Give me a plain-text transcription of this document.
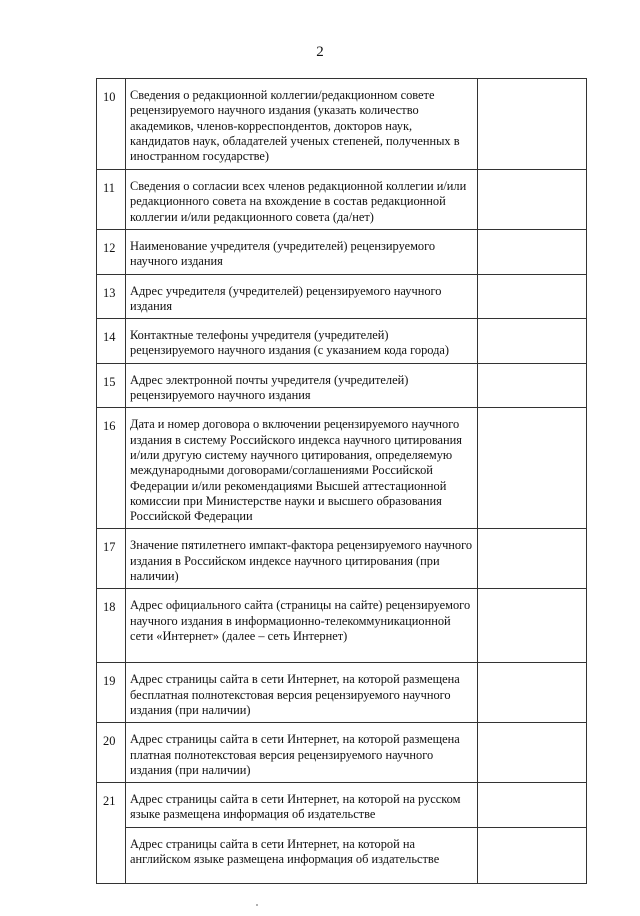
2
10	Сведения о редакционной коллегии/редакционном совете рецензируемого научного издания (указать количество академиков, членов-корреспондентов, докторов наук, кандидатов наук, обладателей ученых степеней, полученных в иностранном государстве)	
11	Сведения о согласии всех членов редакционной коллегии и/или редакционного совета на вхождение в состав редакционной коллегии и/или редакционного совета (да/нет)	
12	Наименование учредителя (учредителей) рецензируемого научного издания	
13	Адрес учредителя (учредителей) рецензируемого научного издания	
14	Контактные телефоны учредителя (учредителей) рецензируемого научного издания (с указанием кода города)	
15	Адрес электронной почты учредителя (учредителей) рецензируемого научного издания	
16	Дата и номер договора о включении рецензируемого научного издания в систему Российского индекса научного цитирования и/или другую систему научного цитирования, определяемую международными договорами/соглашениями Российской Федерации и/или рекомендациями Высшей аттестационной комиссии при Министерстве науки и высшего образования Российской Федерации	
17	Значение пятилетнего импакт-фактора рецензируемого научного издания в Российском индексе научного цитирования (при наличии)	
18	Адрес официального сайта (страницы на сайте) рецензируемого научного издания в информационно-телекоммуникационной сети «Интернет» (далее – сеть Интернет)	
19	Адрес страницы сайта в сети Интернет, на которой размещена бесплатная полнотекстовая версия рецензируемого научного издания (при наличии)	
20	Адрес страницы сайта в сети Интернет, на которой размещена платная полнотекстовая версия рецензируемого научного издания (при наличии)	
21	Адрес страницы сайта в сети Интернет, на которой на русском языке размещена информация об издательстве	
	Адрес страницы сайта в сети Интернет, на которой на английском языке размещена информация об издательстве	
